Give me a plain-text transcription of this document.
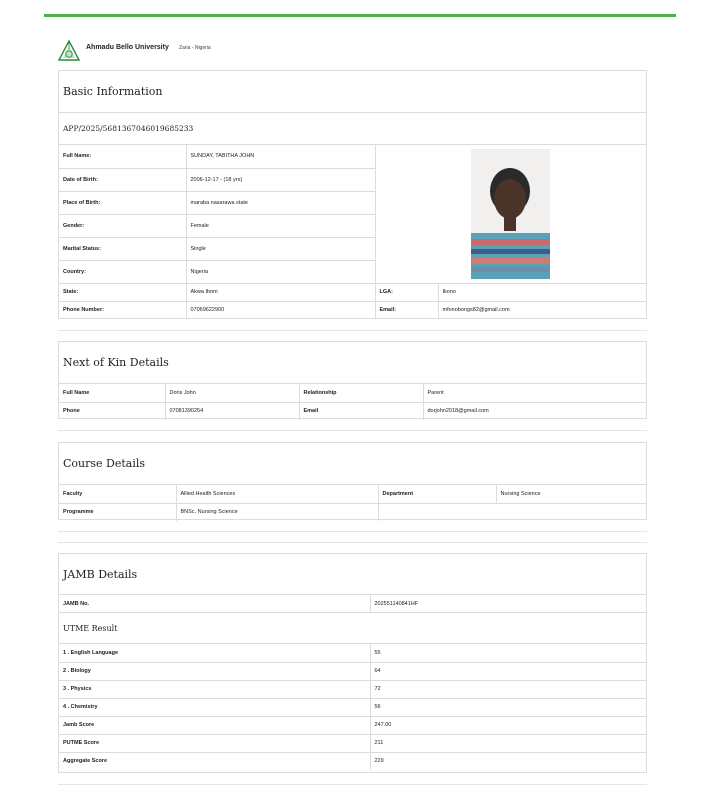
Ahmadu Bello University Zaria - Nigeria
Basic Information
APP/2025/5681367046019685233
Full Name:	SUNDAY, TABITHA JOHN	

Date of Birth:	2006-12-17 - (18 yrs)		
Place of Birth:	maraba nasarawa state		
Gender:	Female		
Marital Status:	Single		
Country:	Nigeria		
State:	Akwa Ibom	LGA:	Ikono
Phone Number:	07069622900	Email:	mfonobongs82@gmail.com
Next of Kin Details
Full Name	Doris John	Relationship	Parent
Phone	07081390254	Email	dorjohn2018@gmail.com
Course Details
Faculty	Allied Health Sciences	Department	Nursing Science
Programme	BNSc. Nursing Science		
JAMB Details
JAMB No.	202551140841HF
UTME Result
1 . English Language	55
2 . Biology	64
3 . Physics	72
4 . Chemistry	56
Jamb Score	247.00
PUTME Score	211
Aggregate Score	229
